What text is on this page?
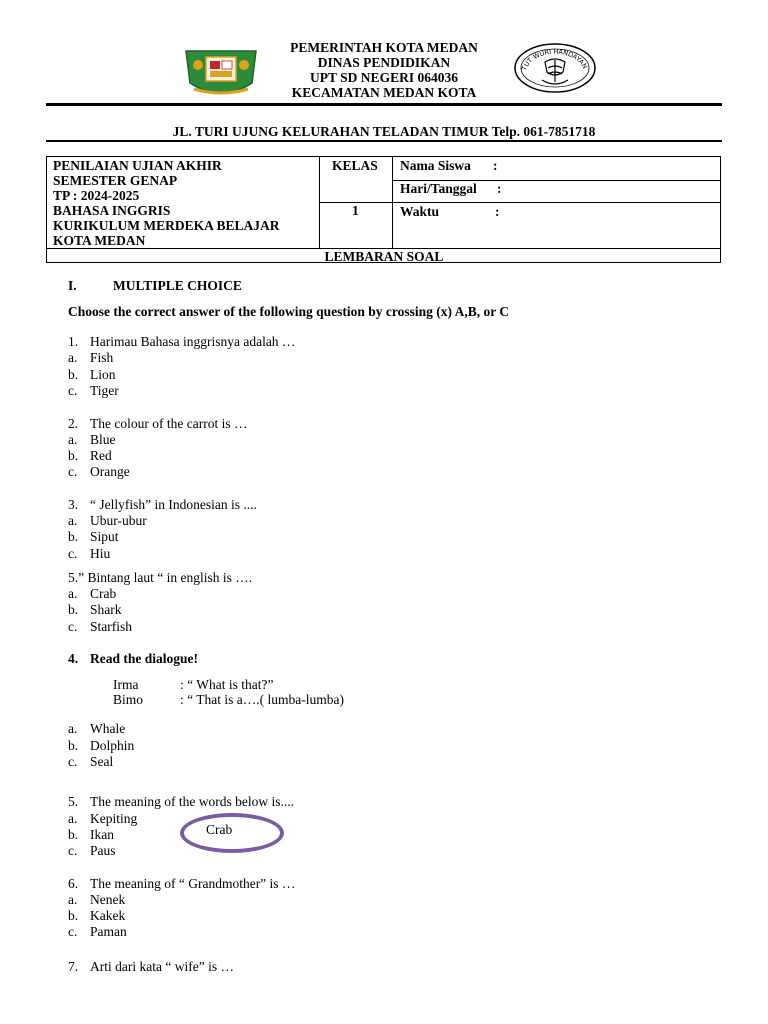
PEMERINTAH KOTA MEDAN
DINAS PENDIDIKAN
UPT SD NEGERI 064036
KECAMATAN MEDAN KOTA
TUT WURI HANDAYAN
JL. TURI UJUNG KELURAHAN TELADAN TIMUR Telp. 061-7851718
PENILAIAN UJIAN AKHIR
SEMESTER GENAP
TP : 2024-2025
BAHASA INGGRIS
KURIKULUM MERDEKA BELAJAR
KOTA MEDAN
KELAS
1
Nama Siswa :
Hari/Tanggal :
Waktu	:
LEMBARAN SOAL
I.	MULTIPLE CHOICE
Choose the correct answer of the following question by crossing (x) A,B, or C
1. Harimau Bahasa inggrisnya adalah …
a. Fish
b. Lion
c. Tiger
2. The colour of the carrot is …
a. Blue
b. Red
c. Orange
3. “ Jellyfish” in Indonesian is ....
a. Ubur-ubur
b. Siput
c. Hiu
5.” Bintang laut “ in english is ….
a. Crab
b. Shark
c. Starfish
4. Read the dialogue!
Irma	: “ What is that?”
Bimo	: “ That is a….( lumba-lumba)
a. Whale
b. Dolphin
c. Seal
5. The meaning of the words below is....
a. Kepiting
b. Ikan
c. Paus
Crab
6. The meaning of “ Grandmother” is …
a. Nenek
b. Kakek
c. Paman
7. Arti dari kata “ wife” is …
